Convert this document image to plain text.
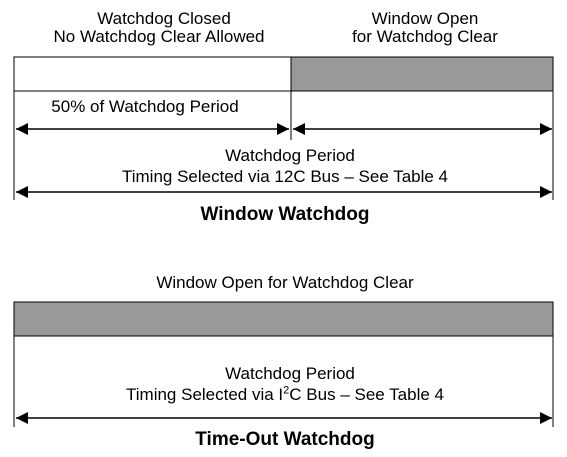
Watchdog Closed
No Watchdog Clear Allowed
Window Open
for Watchdog Clear
50% of Watchdog Period
Watchdog Period
Timing Selected via 12C Bus – See Table 4
Window Watchdog
Window Open for Watchdog Clear
Watchdog Period
Timing Selected via $I^2C$ Bus – See Table 4
Time-Out Watchdog
